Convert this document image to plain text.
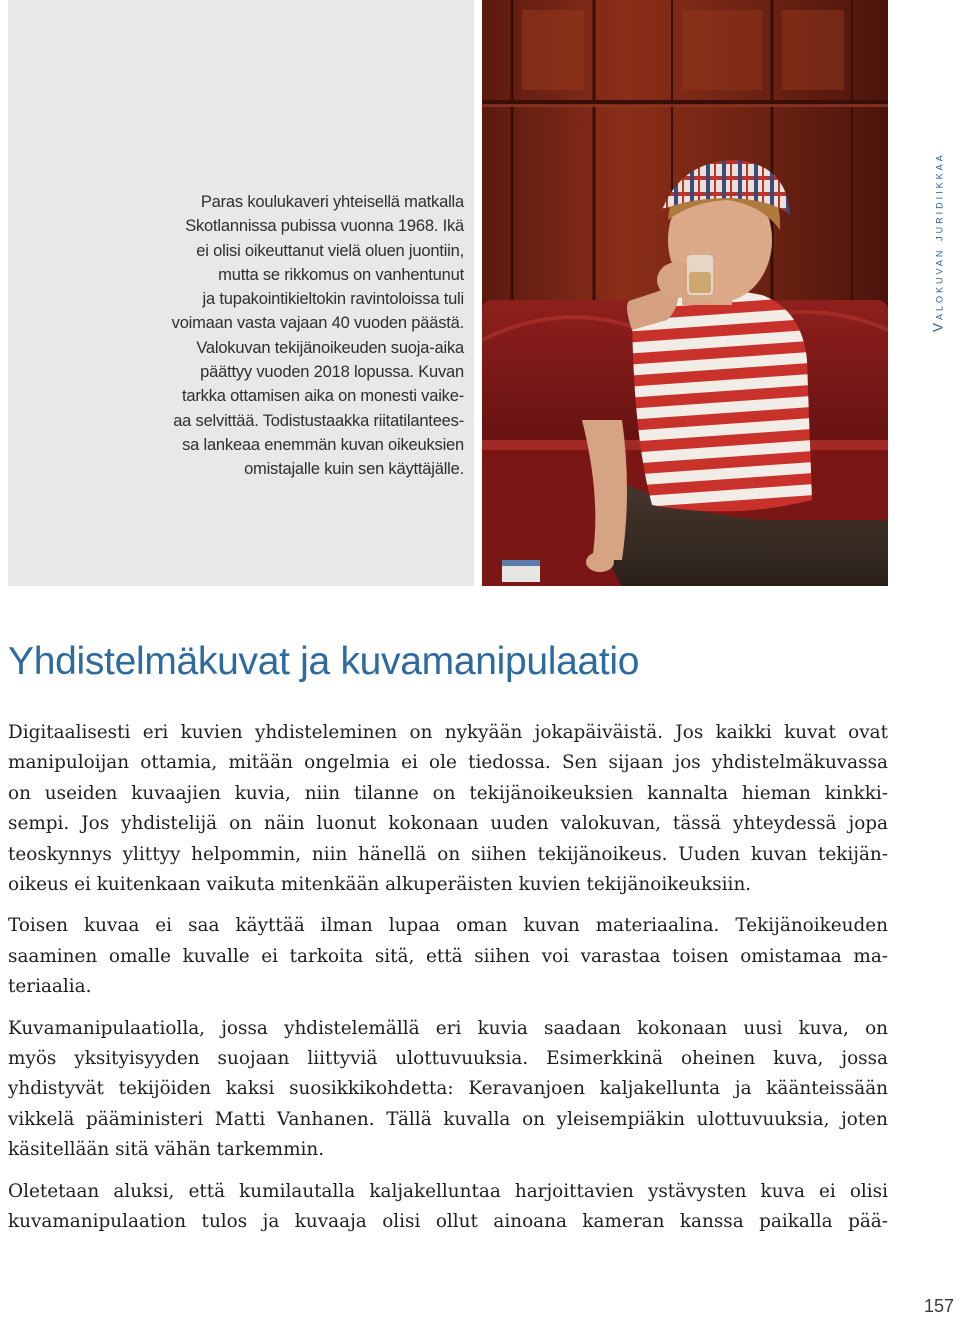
Paras koulukaveri yhteisellä matkalla
Skotlannissa pubissa vuonna 1968. Ikä
ei olisi oikeuttanut vielä oluen juontiin,
mutta se rikkomus on vanhentunut
ja tupakointikieltokin ravintoloissa tuli
voimaan vasta vajaan 40 vuoden päästä.
Valokuvan tekijänoikeuden suoja-aika
päättyy vuoden 2018 lopussa. Kuvan
tarkka ottamisen aika on monesti vaike-
aa selvittää. Todistustaakka riitatilantees-
sa lankeaa enemmän kuvan oikeuksien
omistajalle kuin sen käyttäjälle.
Valokuvan juridiikkaa
Yhdistelmäkuvat ja kuvamanipulaatio

Digitaalisesti eri kuvien yhdisteleminen on nykyään jokapäiväistä. Jos kaikki kuvat ovat
manipuloijan ottamia, mitään ongelmia ei ole tiedossa. Sen sijaan jos yhdistelmäkuvassa
on useiden kuvaajien kuvia, niin tilanne on tekijänoikeuksien kannalta hieman kinkki-
sempi. Jos yhdistelijä on näin luonut kokonaan uuden valokuvan, tässä yhteydessä jopa
teoskynnys ylittyy helpommin, niin hänellä on siihen tekijänoikeus. Uuden kuvan tekijän-
oikeus ei kuitenkaan vaikuta mitenkään alkuperäisten kuvien tekijänoikeuksiin.

Toisen kuvaa ei saa käyttää ilman lupaa oman kuvan materiaalina. Tekijänoikeuden
saaminen omalle kuvalle ei tarkoita sitä, että siihen voi varastaa toisen omistamaa ma-
teriaalia.

Kuvamanipulaatiolla, jossa yhdistelemällä eri kuvia saadaan kokonaan uusi kuva, on
myös yksityisyyden suojaan liittyviä ulottuvuuksia. Esimerkkinä oheinen kuva, jossa
yhdistyvät tekijöiden kaksi suosikkikohdetta: Keravanjoen kaljakellunta ja käänteissään
vikkelä pääministeri Matti Vanhanen. Tällä kuvalla on yleisempiäkin ulottuvuuksia, joten
käsitellään sitä vähän tarkemmin.

Oletetaan aluksi, että kumilautalla kaljakelluntaa harjoittavien ystävysten kuva ei olisi
kuvamanipulaation tulos ja kuvaaja olisi ollut ainoana kameran kanssa paikalla pää-

157
